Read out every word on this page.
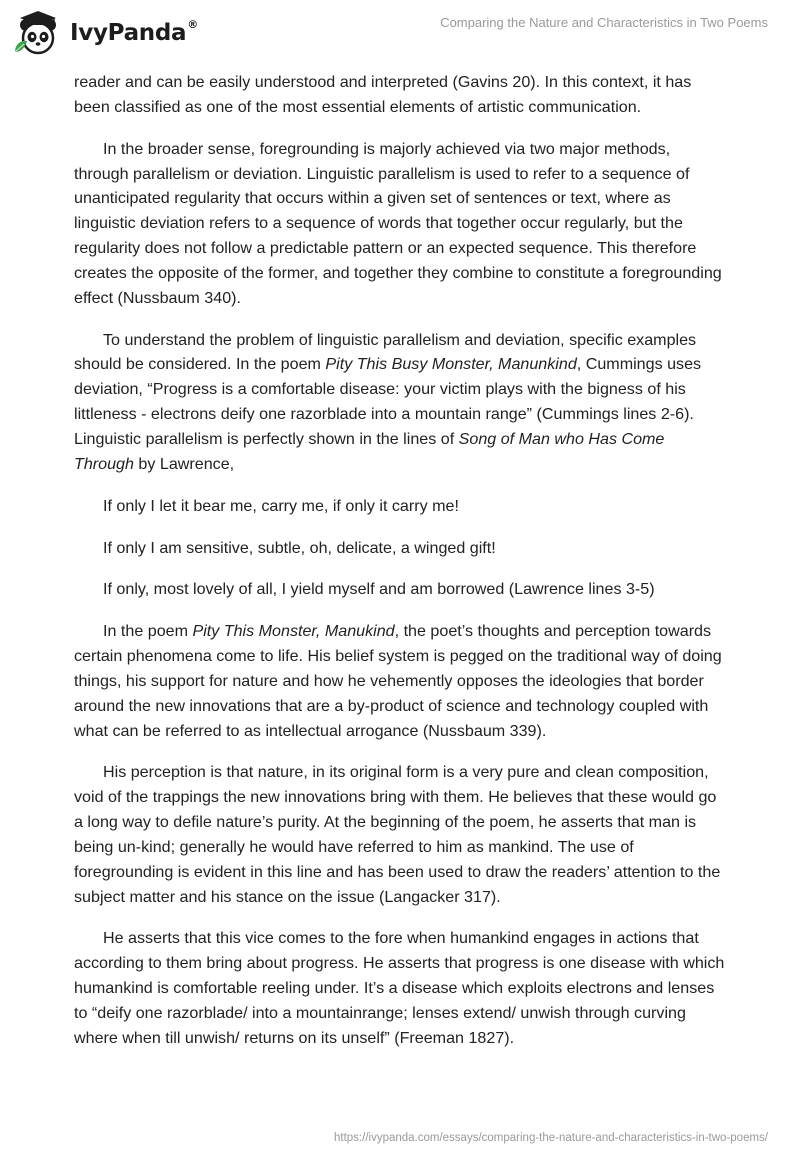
IvyPanda®	Comparing the Nature and Characteristics in Two Poems

reader and can be easily understood and interpreted (Gavins 20). In this context, it has been classified as one of the most essential elements of artistic communication.

In the broader sense, foregrounding is majorly achieved via two major methods, through parallelism or deviation. Linguistic parallelism is used to refer to a sequence of unanticipated regularity that occurs within a given set of sentences or text, where as linguistic deviation refers to a sequence of words that together occur regularly, but the regularity does not follow a predictable pattern or an expected sequence. This therefore creates the opposite of the former, and together they combine to constitute a foregrounding effect (Nussbaum 340).

To understand the problem of linguistic parallelism and deviation, specific examples should be considered. In the poem Pity This Busy Monster, Manunkind, Cummings uses deviation, “Progress is a comfortable disease: your victim plays with the bigness of his littleness - electrons deify one razorblade into a mountain range” (Cummings lines 2-6). Linguistic parallelism is perfectly shown in the lines of Song of Man who Has Come Through by Lawrence,

If only I let it bear me, carry me, if only it carry me!

If only I am sensitive, subtle, oh, delicate, a winged gift!

If only, most lovely of all, I yield myself and am borrowed (Lawrence lines 3-5)

In the poem Pity This Monster, Manukind, the poet’s thoughts and perception towards certain phenomena come to life. His belief system is pegged on the traditional way of doing things, his support for nature and how he vehemently opposes the ideologies that border around the new innovations that are a by-product of science and technology coupled with what can be referred to as intellectual arrogance (Nussbaum 339).

His perception is that nature, in its original form is a very pure and clean composition, void of the trappings the new innovations bring with them. He believes that these would go a long way to defile nature’s purity. At the beginning of the poem, he asserts that man is being un-kind; generally he would have referred to him as mankind. The use of foregrounding is evident in this line and has been used to draw the readers’ attention to the subject matter and his stance on the issue (Langacker 317).

He asserts that this vice comes to the fore when humankind engages in actions that according to them bring about progress. He asserts that progress is one disease with which humankind is comfortable reeling under. It’s a disease which exploits electrons and lenses to “deify one razorblade/ into a mountainrange; lenses extend/ unwish through curving where when till unwish/ returns on its unself” (Freeman 1827).

https://ivypanda.com/essays/comparing-the-nature-and-characteristics-in-two-poems/
